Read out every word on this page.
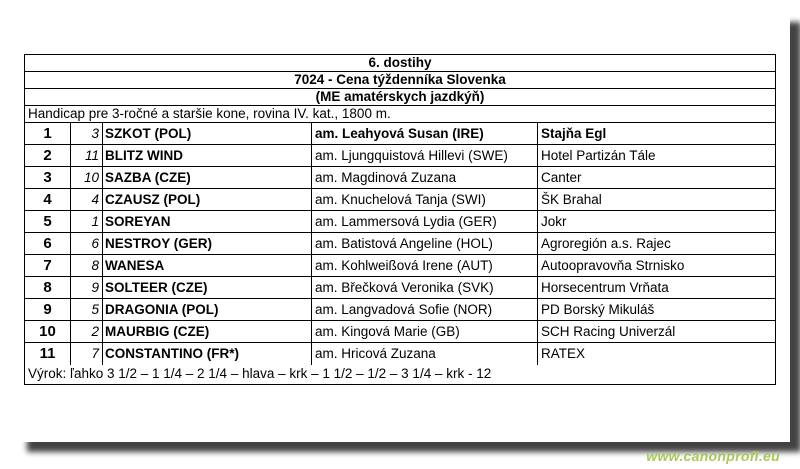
6. dostihy
7024 - Cena týždenníka Slovenka
(ME amatérskych jazdkýň)
Handicap pre 3-ročné a staršie kone, rovina IV. kat., 1800 m.
1	3 SZKOT (POL)	am. Leahyová Susan (IRE)	Stajňa Egl
2	11 BLITZ WIND	am. Ljungquistová Hillevi (SWE)	Hotel Partizán Tále
3	10 SAZBA (CZE)	am. Magdinová Zuzana	Canter
4	4 CZAUSZ (POL)	am. Knuchelová Tanja (SWI)	ŠK Brahal
5	1 SOREYAN	am. Lammersová Lydia (GER)	Jokr
6	6 NESTROY (GER)	am. Batistová Angeline (HOL)	Agroregión a.s. Rajec
7	8 WANESA	am. Kohlweißová Irene (AUT)	Autoopravovňa Strnisko
8	9 SOLTEER (CZE)	am. Břečková Veronika (SVK)	Horsecentrum Vrňata
9	5 DRAGONIA (POL)	am. Langvadová Sofie (NOR)	PD Borský Mikuláš
10	2 MAURBIG (CZE)	am. Kingová Marie (GB)	SCH Racing Univerzál
11	7 CONSTANTINO (FR*)	am. Hricová Zuzana	RATEX
Výrok: ľahko 3 1/2 – 1 1/4 – 2 1/4 – hlava – krk – 1 1/2 – 1/2 – 3 1/4 – krk - 12
www.canonprofi.eu
